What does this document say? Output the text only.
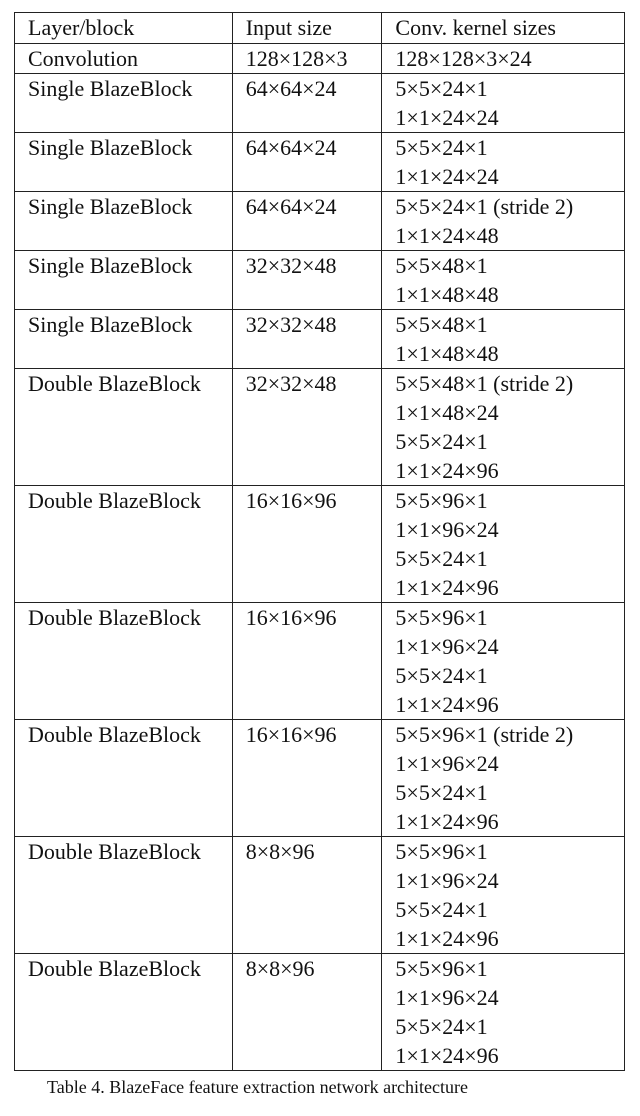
Layer/block	Input size	Conv. kernel sizes
Convolution	128×128×3	128×128×3×24

Single BlazeBlock	64×64×24	5×5×24×1
1×1×24×24

Single BlazeBlock	64×64×24	5×5×24×1
1×1×24×24

Single BlazeBlock	64×64×24	5×5×24×1 (stride 2)
1×1×24×48

Single BlazeBlock	32×32×48	5×5×48×1
1×1×48×48

Single BlazeBlock	32×32×48	5×5×48×1
1×1×48×48

Double BlazeBlock	32×32×48	5×5×48×1 (stride 2)
1×1×48×24
5×5×24×1
1×1×24×96

Double BlazeBlock	16×16×96	5×5×96×1
1×1×96×24
5×5×24×1
1×1×24×96

Double BlazeBlock	16×16×96	5×5×96×1
1×1×96×24
5×5×24×1
1×1×24×96

Double BlazeBlock	16×16×96	5×5×96×1 (stride 2)
1×1×96×24
5×5×24×1
1×1×24×96

Double BlazeBlock	8×8×96	5×5×96×1
1×1×96×24
5×5×24×1
1×1×24×96

Double BlazeBlock	8×8×96	5×5×96×1
1×1×96×24
5×5×24×1
1×1×24×96
Table 4. BlazeFace feature extraction network architecture
